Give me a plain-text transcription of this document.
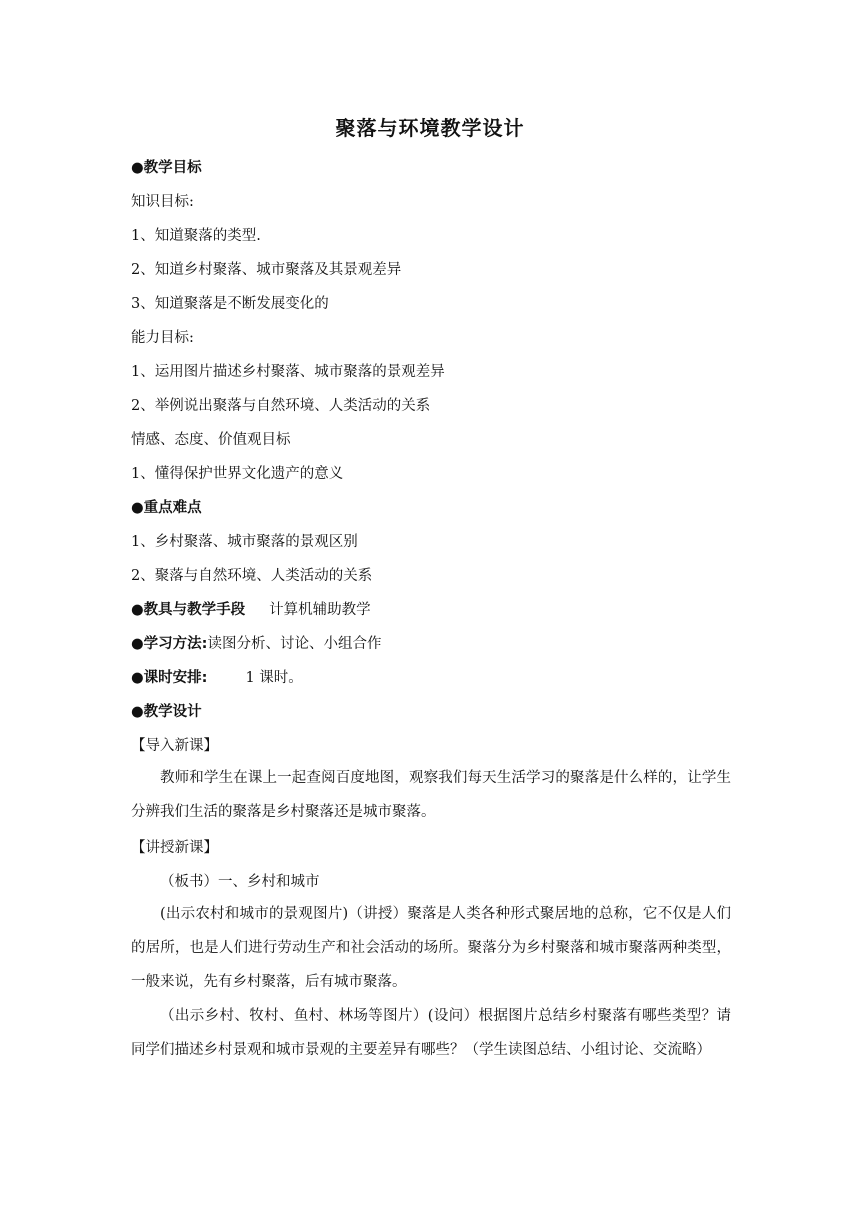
聚落与环境教学设计
●教学目标
知识目标:
1、知道聚落的类型.
2、知道乡村聚落、城市聚落及其景观差异
3、知道聚落是不断发展变化的
能力目标:
1、运用图片描述乡村聚落、城市聚落的景观差异
2、举例说出聚落与自然环境、人类活动的关系
情感、态度、价值观目标
1、懂得保护世界文化遗产的意义
●重点难点
1、乡村聚落、城市聚落的景观区别
2、聚落与自然环境、人类活动的关系
●教具与教学手段 计算机辅助教学
●学习方法:读图分析、讨论、小组合作
●课时安排:	1 课时。
●教学设计
【导入新课】
教师和学生在课上一起查阅百度地图，观察我们每天生活学习的聚落是什么样的，让学生分辨我们生活的聚落是乡村聚落还是城市聚落。
【讲授新课】
（板书）一、乡村和城市
(出示农村和城市的景观图片)（讲授）聚落是人类各种形式聚居地的总称，它不仅是人们的居所，也是人们进行劳动生产和社会活动的场所。聚落分为乡村聚落和城市聚落两种类型，一般来说，先有乡村聚落，后有城市聚落。
（出示乡村、牧村、鱼村、林场等图片）(设问）根据图片总结乡村聚落有哪些类型？请同学们描述乡村景观和城市景观的主要差异有哪些？（学生读图总结、小组讨论、交流略）
